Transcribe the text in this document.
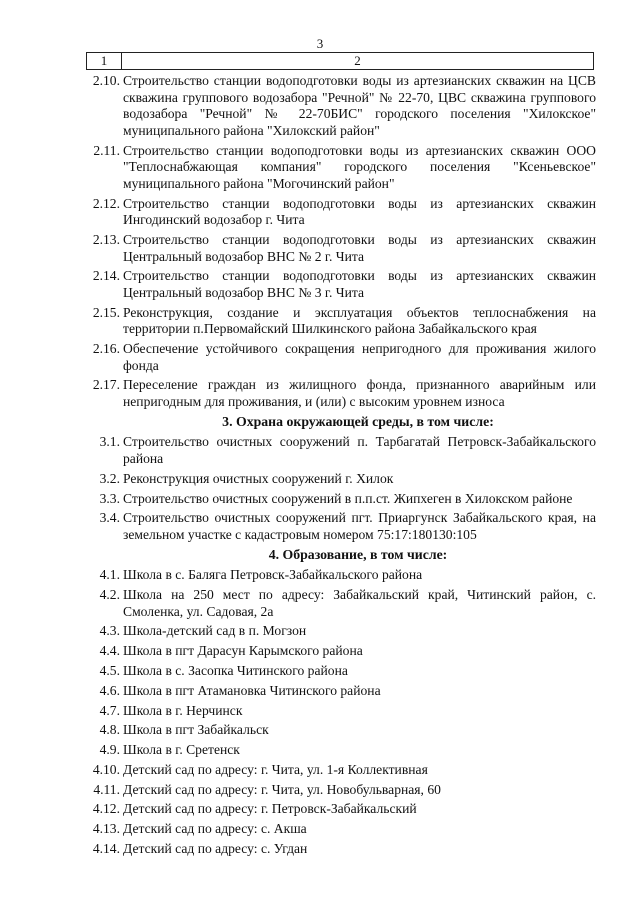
3
1	2
2.10. Строительство станции водоподготовки воды из артезианских скважин на ЦСВ скважина группового водозабора "Речной" № 22-70, ЦВС скважина группового водозабора "Речной" № 22-70БИС" городского поселения "Хилокское" муниципального района "Хилокский район"
2.11. Строительство станции водоподготовки воды из артезианских скважин ООО "Теплоснабжающая компания" городского поселения "Ксеньевское" муниципального района "Могочинский район"
2.12. Строительство станции водоподготовки воды из артезианских скважин Ингодинский водозабор г. Чита
2.13. Строительство станции водоподготовки воды из артезианских скважин Центральный водозабор ВНС № 2 г. Чита
2.14. Строительство станции водоподготовки воды из артезианских скважин Центральный водозабор ВНС № 3 г. Чита
2.15. Реконструкция, создание и эксплуатация объектов теплоснабжения на территории п.Первомайский Шилкинского района Забайкальского края
2.16. Обеспечение устойчивого сокращения непригодного для проживания жилого фонда
2.17. Переселение граждан из жилищного фонда, признанного аварийным или непригодным для проживания, и (или) с высоким уровнем износа
3. Охрана окружающей среды, в том числе:
3.1. Строительство очистных сооружений п. Тарбагатай Петровск-Забайкальского района
3.2. Реконструкция очистных сооружений г. Хилок
3.3. Строительство очистных сооружений в п.п.ст. Жипхеген в Хилокском районе
3.4. Строительство очистных сооружений пгт. Приаргунск Забайкальского края, на земельном участке с кадастровым номером 75:17:180130:105
4. Образование, в том числе:
4.1. Школа в с. Баляга Петровск-Забайкальского района
4.2. Школа на 250 мест по адресу: Забайкальский край, Читинский район, с. Смоленка, ул. Садовая, 2а
4.3. Школа-детский сад в п. Могзон
4.4. Школа в пгт Дарасун Карымского района
4.5. Школа в с. Засопка Читинского района
4.6. Школа в пгт Атамановка Читинского района
4.7. Школа в г. Нерчинск
4.8. Школа в пгт Забайкальск
4.9. Школа в г. Сретенск
4.10. Детский сад по адресу: г. Чита, ул. 1-я Коллективная
4.11. Детский сад по адресу: г. Чита, ул. Новобульварная, 60
4.12. Детский сад по адресу: г. Петровск-Забайкальский
4.13. Детский сад по адресу: с. Акша
4.14. Детский сад по адресу: с. Угдан
